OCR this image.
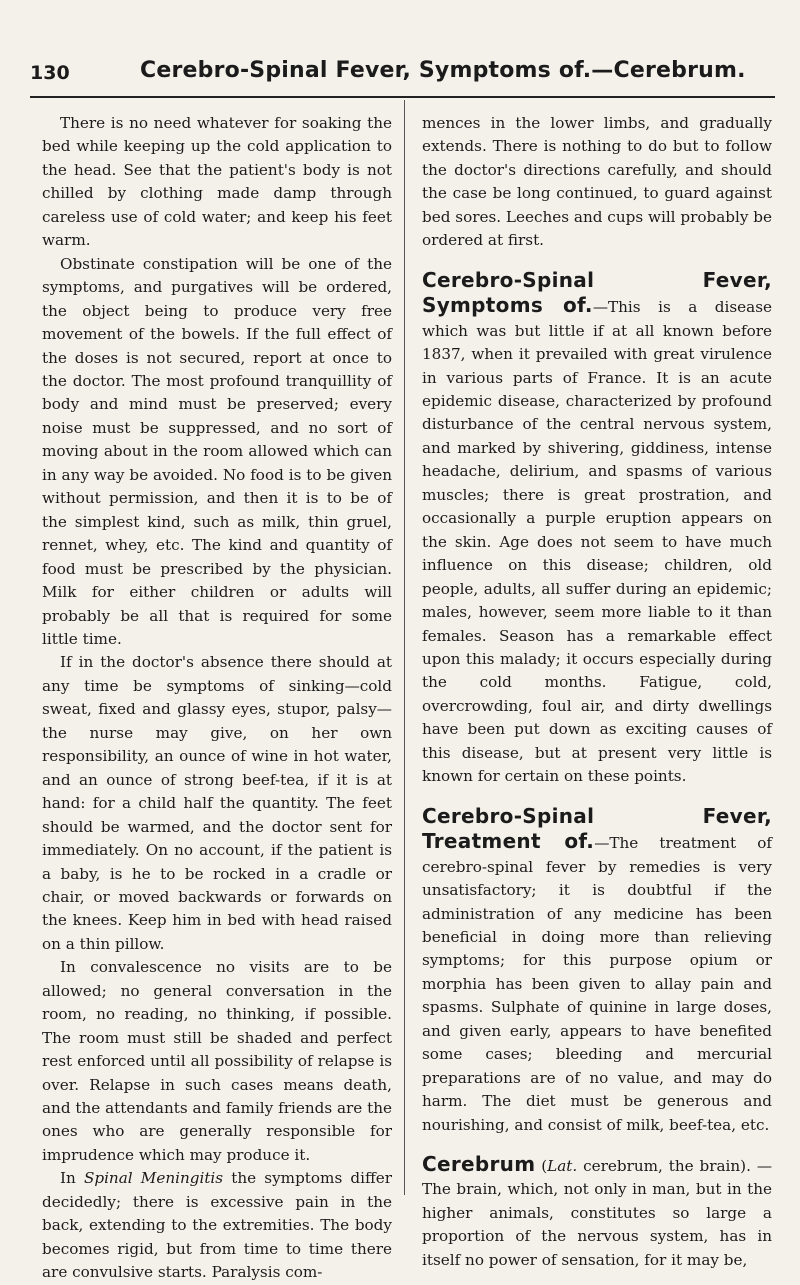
130	Cerebro-Spinal Fever, Symptoms of.—Cerebrum.

There is no need whatever for soaking the bed while keeping up the cold application to the head. See that the patient's body is not chilled by clothing made damp through careless use of cold water; and keep his feet warm.

Obstinate constipation will be one of the symptoms, and purgatives will be ordered, the object being to produce very free movement of the bowels. If the full effect of the doses is not secured, report at once to the doctor. The most profound tranquillity of body and mind must be preserved; every noise must be suppressed, and no sort of moving about in the room allowed which can in any way be avoided. No food is to be given without permission, and then it is to be of the simplest kind, such as milk, thin gruel, rennet, whey, etc. The kind and quantity of food must be prescribed by the physician. Milk for either children or adults will probably be all that is required for some little time.

If in the doctor's absence there should at any time be symptoms of sinking—cold sweat, fixed and glassy eyes, stupor, palsy—the nurse may give, on her own responsibility, an ounce of wine in hot water, and an ounce of strong beef-tea, if it is at hand: for a child half the quantity. The feet should be warmed, and the doctor sent for immediately. On no account, if the patient is a baby, is he to be rocked in a cradle or chair, or moved backwards or forwards on the knees. Keep him in bed with head raised on a thin pillow.

In convalescence no visits are to be allowed; no general conversation in the room, no reading, no thinking, if possible. The room must still be shaded and perfect rest enforced until all possibility of relapse is over. Relapse in such cases means death, and the attendants and family friends are the ones who are generally responsible for imprudence which may produce it.

In Spinal Meningitis the symptoms differ decidedly; there is excessive pain in the back, extending to the extremities. The body becomes rigid, but from time to time there are convulsive starts. Paralysis com-

mences in the lower limbs, and gradually extends. There is nothing to do but to follow the doctor's directions carefully, and should the case be long continued, to guard against bed sores. Leeches and cups will probably be ordered at first.

Cerebro-Spinal Fever, Symptoms of.—This is a disease which was but little if at all known before 1837, when it prevailed with great virulence in various parts of France. It is an acute epidemic disease, characterized by profound disturbance of the central nervous system, and marked by shivering, giddiness, intense headache, delirium, and spasms of various muscles; there is great prostration, and occasionally a purple eruption appears on the skin. Age does not seem to have much influence on this disease; children, old people, adults, all suffer during an epidemic; males, however, seem more liable to it than females. Season has a remarkable effect upon this malady; it occurs especially during the cold months. Fatigue, cold, overcrowding, foul air, and dirty dwellings have been put down as exciting causes of this disease, but at present very little is known for certain on these points.

Cerebro-Spinal Fever, Treatment of.—The treatment of cerebro-spinal fever by remedies is very unsatisfactory; it is doubtful if the administration of any medicine has been beneficial in doing more than relieving symptoms; for this purpose opium or morphia has been given to allay pain and spasms. Sulphate of quinine in large doses, and given early, appears to have benefited some cases; bleeding and mercurial preparations are of no value, and may do harm. The diet must be generous and nourishing, and consist of milk, beef-tea, etc.

Cerebrum (Lat. cerebrum, the brain). —The brain, which, not only in man, but in the higher animals, constitutes so large a proportion of the nervous system, has in itself no power of sensation, for it may be,
